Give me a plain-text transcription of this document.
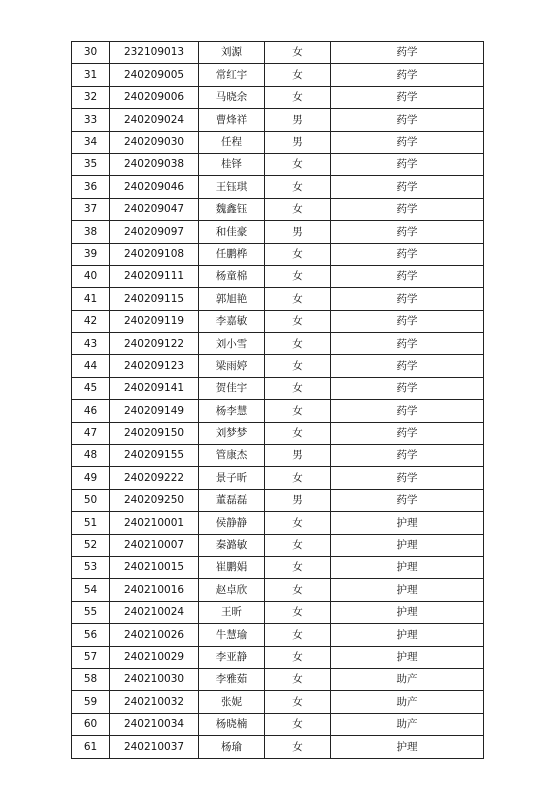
30	232109013	刘源	女	药学
31	240209005	常红宇	女	药学
32	240209006	马晓余	女	药学
33	240209024	曹烽祥	男	药学
34	240209030	任程	男	药学
35	240209038	桂铎	女	药学
36	240209046	王钰琪	女	药学
37	240209047	魏鑫钰	女	药学
38	240209097	和佳豪	男	药学
39	240209108	任鹏桦	女	药学
40	240209111	杨童棉	女	药学
41	240209115	郭旭艳	女	药学
42	240209119	李嘉敏	女	药学
43	240209122	刘小雪	女	药学
44	240209123	梁雨婷	女	药学
45	240209141	贺佳宇	女	药学
46	240209149	杨李慧	女	药学
47	240209150	刘梦梦	女	药学
48	240209155	管康杰	男	药学
49	240209222	景子昕	女	药学
50	240209250	董磊磊	男	药学
51	240210001	侯静静	女	护理
52	240210007	秦潞敏	女	护理
53	240210015	崔鹏娟	女	护理
54	240210016	赵卓欣	女	护理
55	240210024	王昕	女	护理
56	240210026	牛慧瑜	女	护理
57	240210029	李亚静	女	护理
58	240210030	李雅茹	女	助产
59	240210032	张妮	女	助产
60	240210034	杨晓楠	女	助产
61	240210037	杨瑜	女	护理
